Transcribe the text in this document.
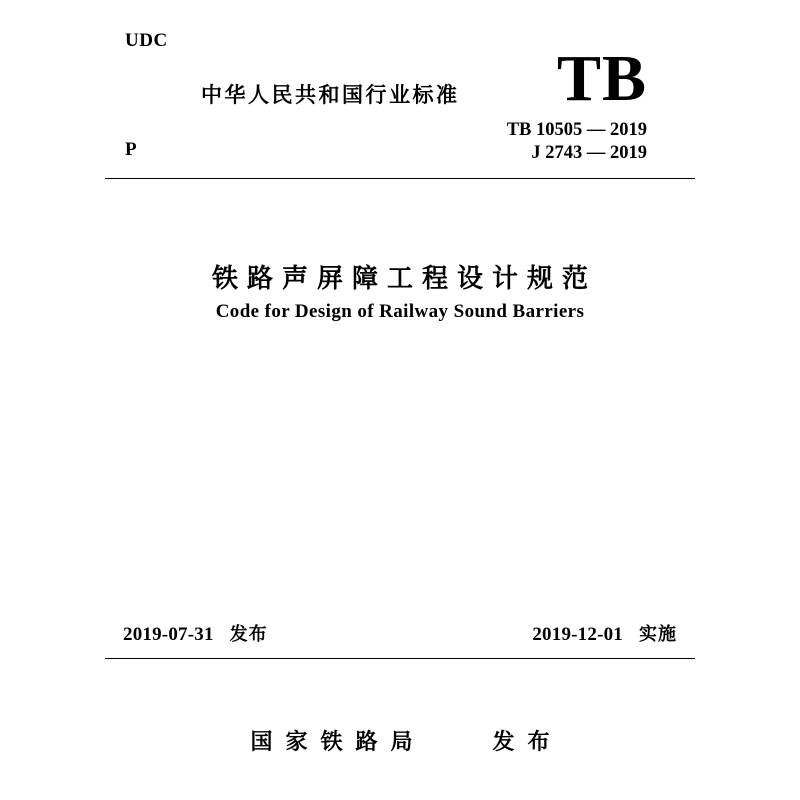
UDC
P
中华人民共和国行业标准 TB
TB 10505 — 2019
J 2743 — 2019
铁路声屏障工程设计规范
Code for Design of Railway Sound Barriers
2019-07-31 发布	2019-12-01 实施
国家铁路局	发布
